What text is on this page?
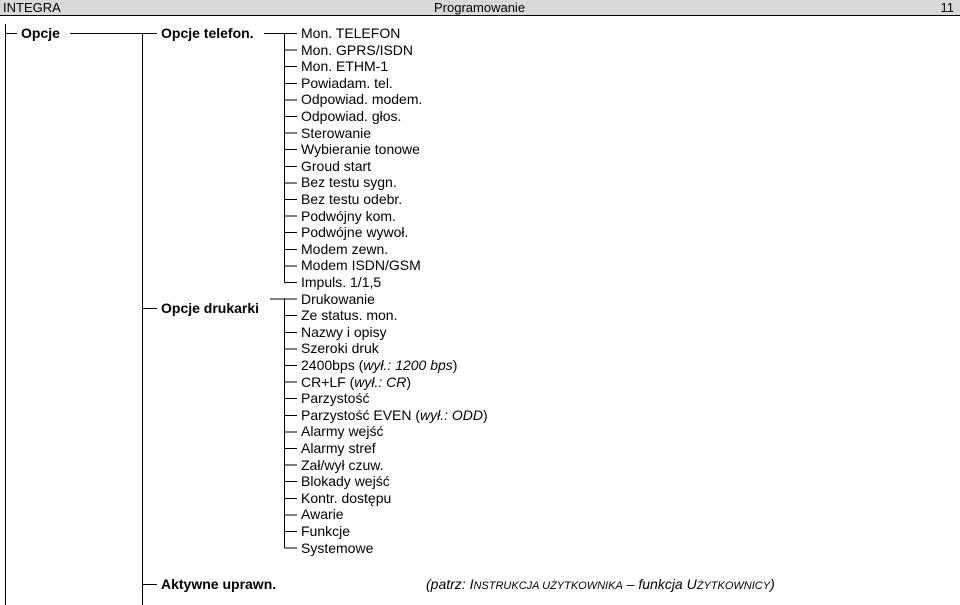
INTEGRA	Programowanie	11
Opcje	Opcje telefon.
Opcje drukarki
Aktywne uprawn.
Mon. TELEFON
Mon. GPRS/ISDN
Mon. ETHM-1
Powiadam. tel.
Odpowiad. modem.
Odpowiad. głos.
Sterowanie
Wybieranie tonowe
Groud start
Bez testu sygn.
Bez testu odebr.
Podwójny kom.
Podwójne wywoł.
Modem zewn.
Modem ISDN/GSM
Impuls. 1/1,5
Drukowanie
Ze status. mon.
Nazwy i opisy
Szeroki druk
2400bps (wył.: 1200 bps)
CR+LF (wył.: CR)
Parzystość
Parzystość EVEN (wył.: ODD)
Alarmy wejść
Alarmy stref
Zał/wył czuw.
Blokady wejść
Kontr. dostępu
Awarie
Funkcje
Systemowe
(patrz: INSTRUKCJA UŻYTKOWNIKA – funkcja UŻYTKOWNICY)
